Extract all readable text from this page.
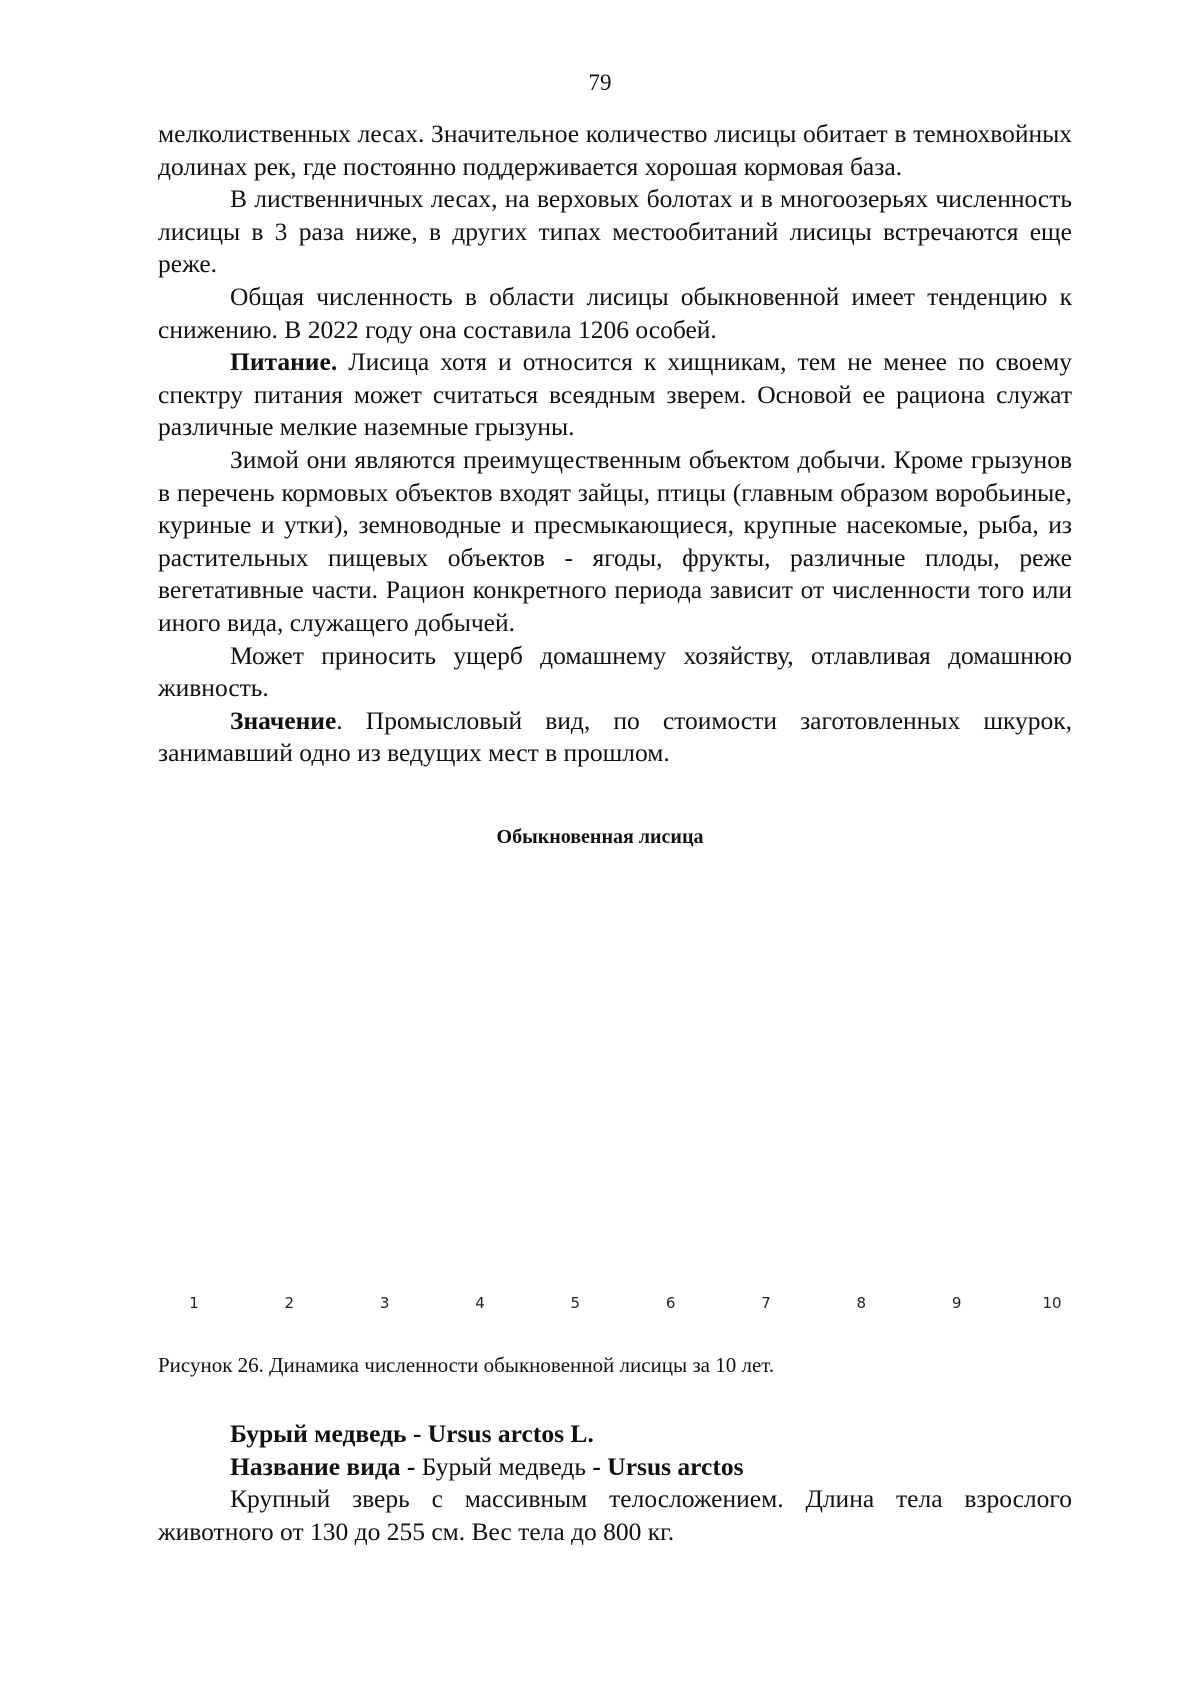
79

мелколиственных лесах. Значительное количество лисицы обитает в темнохвойных долинах рек, где постоянно поддерживается хорошая кормовая база.

В лиственничных лесах, на верховых болотах и в многоозерьях численность лисицы в 3 раза ниже, в других типах местообитаний лисицы встречаются еще реже.

Общая численность в области лисицы обыкновенной имеет тенденцию к снижению. В 2022 году она составила 1206 особей.

Питание. Лисица хотя и относится к хищникам, тем не менее по своему спектру питания может считаться всеядным зверем. Основой ее рациона служат различные мелкие наземные грызуны.

Зимой они являются преимущественным объектом добычи. Кроме грызунов в перечень кормовых объектов входят зайцы, птицы (главным образом воробьиные, куриные и утки), земноводные и пресмыкающиеся, крупные насекомые, рыба, из растительных пищевых объектов - ягоды, фрукты, различные плоды, реже вегетативные части. Рацион конкретного периода зависит от численности того или иного вида, служащего добычей.

Может приносить ущерб домашнему хозяйству, отлавливая домашнюю живность.

Значение. Промысловый вид, по стоимости заготовленных шкурок, занимавший одно из ведущих мест в прошлом.

Обыкновенная лисица
1	2	3	4	5	6	7	8	9	10
Рисунок 26. Динамика численности обыкновенной лисицы за 10 лет.

Бурый медведь - Ursus arctos L.

Название вида - Бурый медведь - Ursus arctos

Крупный зверь с массивным телосложением. Длина тела взрослого животного от 130 до 255 см. Вес тела до 800 кг.
